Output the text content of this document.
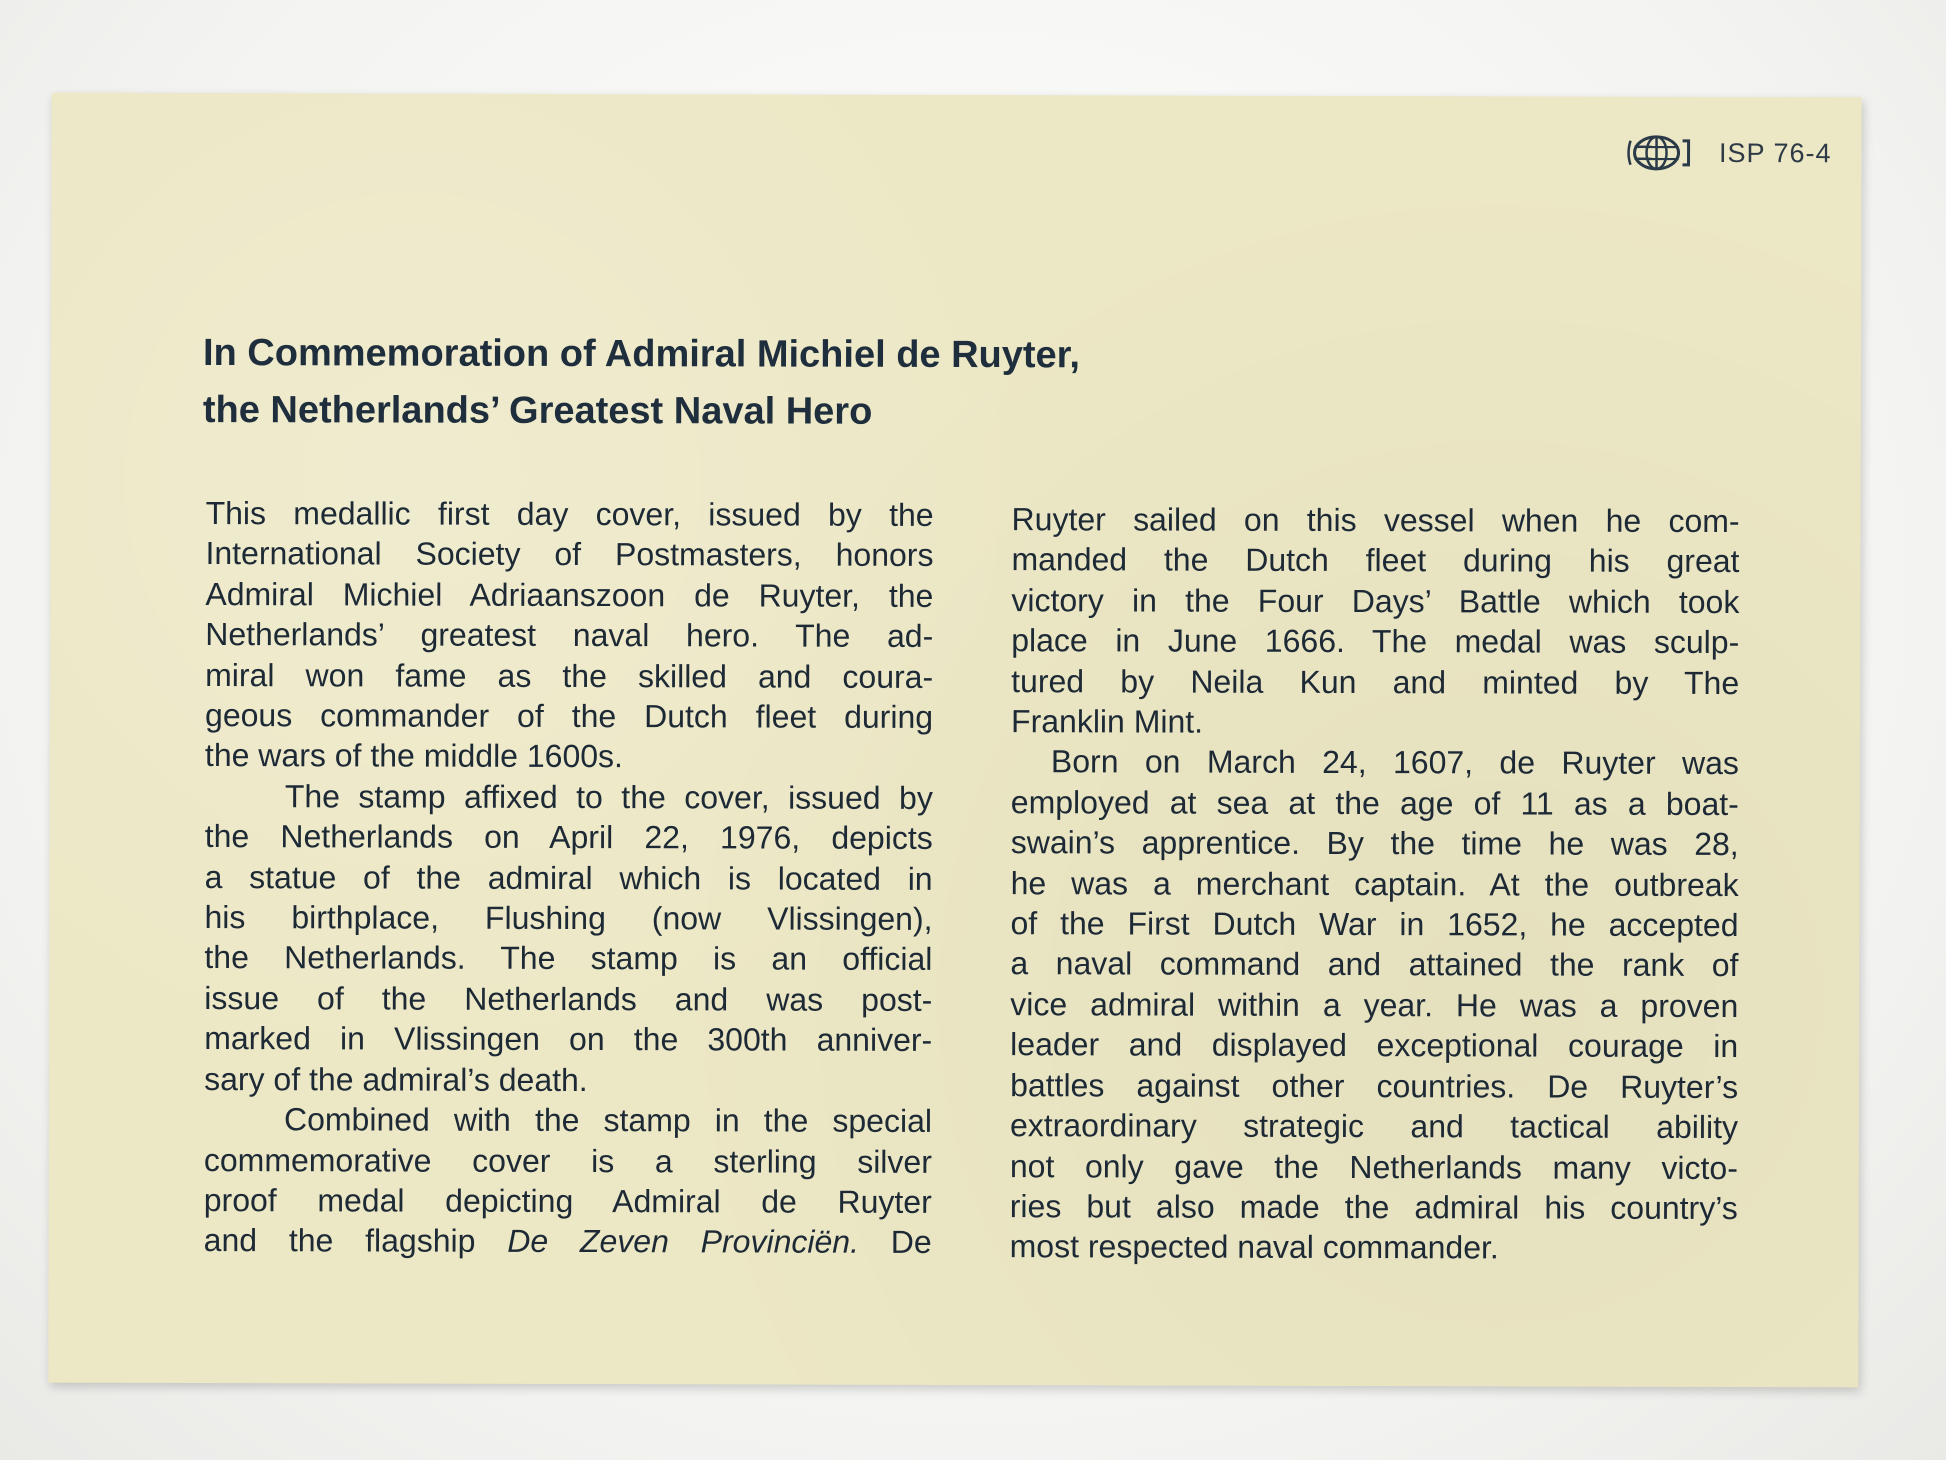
ISP 76-4
In Commemoration of Admiral Michiel de Ruyter,
the Netherlands’ Greatest Naval Hero

This medallic first day cover, issued by the
International Society of Postmasters, honors
Admiral Michiel Adriaanszoon de Ruyter, the
Netherlands’ greatest naval hero. The ad-
miral won fame as the skilled and coura-
geous commander of the Dutch fleet during
the wars of the middle 1600s.

The stamp affixed to the cover, issued by
the Netherlands on April 22, 1976, depicts
a statue of the admiral which is located in
his birthplace, Flushing (now Vlissingen),
the Netherlands. The stamp is an official
issue of the Netherlands and was post-
marked in Vlissingen on the 300th anniver-
sary of the admiral’s death.

Combined with the stamp in the special
commemorative cover is a sterling silver
proof medal depicting Admiral de Ruyter
and the flagship De Zeven Provinciën. De

Ruyter sailed on this vessel when he com-
manded the Dutch fleet during his great
victory in the Four Days’ Battle which took
place in June 1666. The medal was sculp-
tured by Neila Kun and minted by The
Franklin Mint.

Born on March 24, 1607, de Ruyter was
employed at sea at the age of 11 as a boat-
swain’s apprentice. By the time he was 28,
he was a merchant captain. At the outbreak
of the First Dutch War in 1652, he accepted
a naval command and attained the rank of
vice admiral within a year. He was a proven
leader and displayed exceptional courage in
battles against other countries. De Ruyter’s
extraordinary strategic and tactical ability
not only gave the Netherlands many victo-
ries but also made the admiral his country’s
most respected naval commander.
